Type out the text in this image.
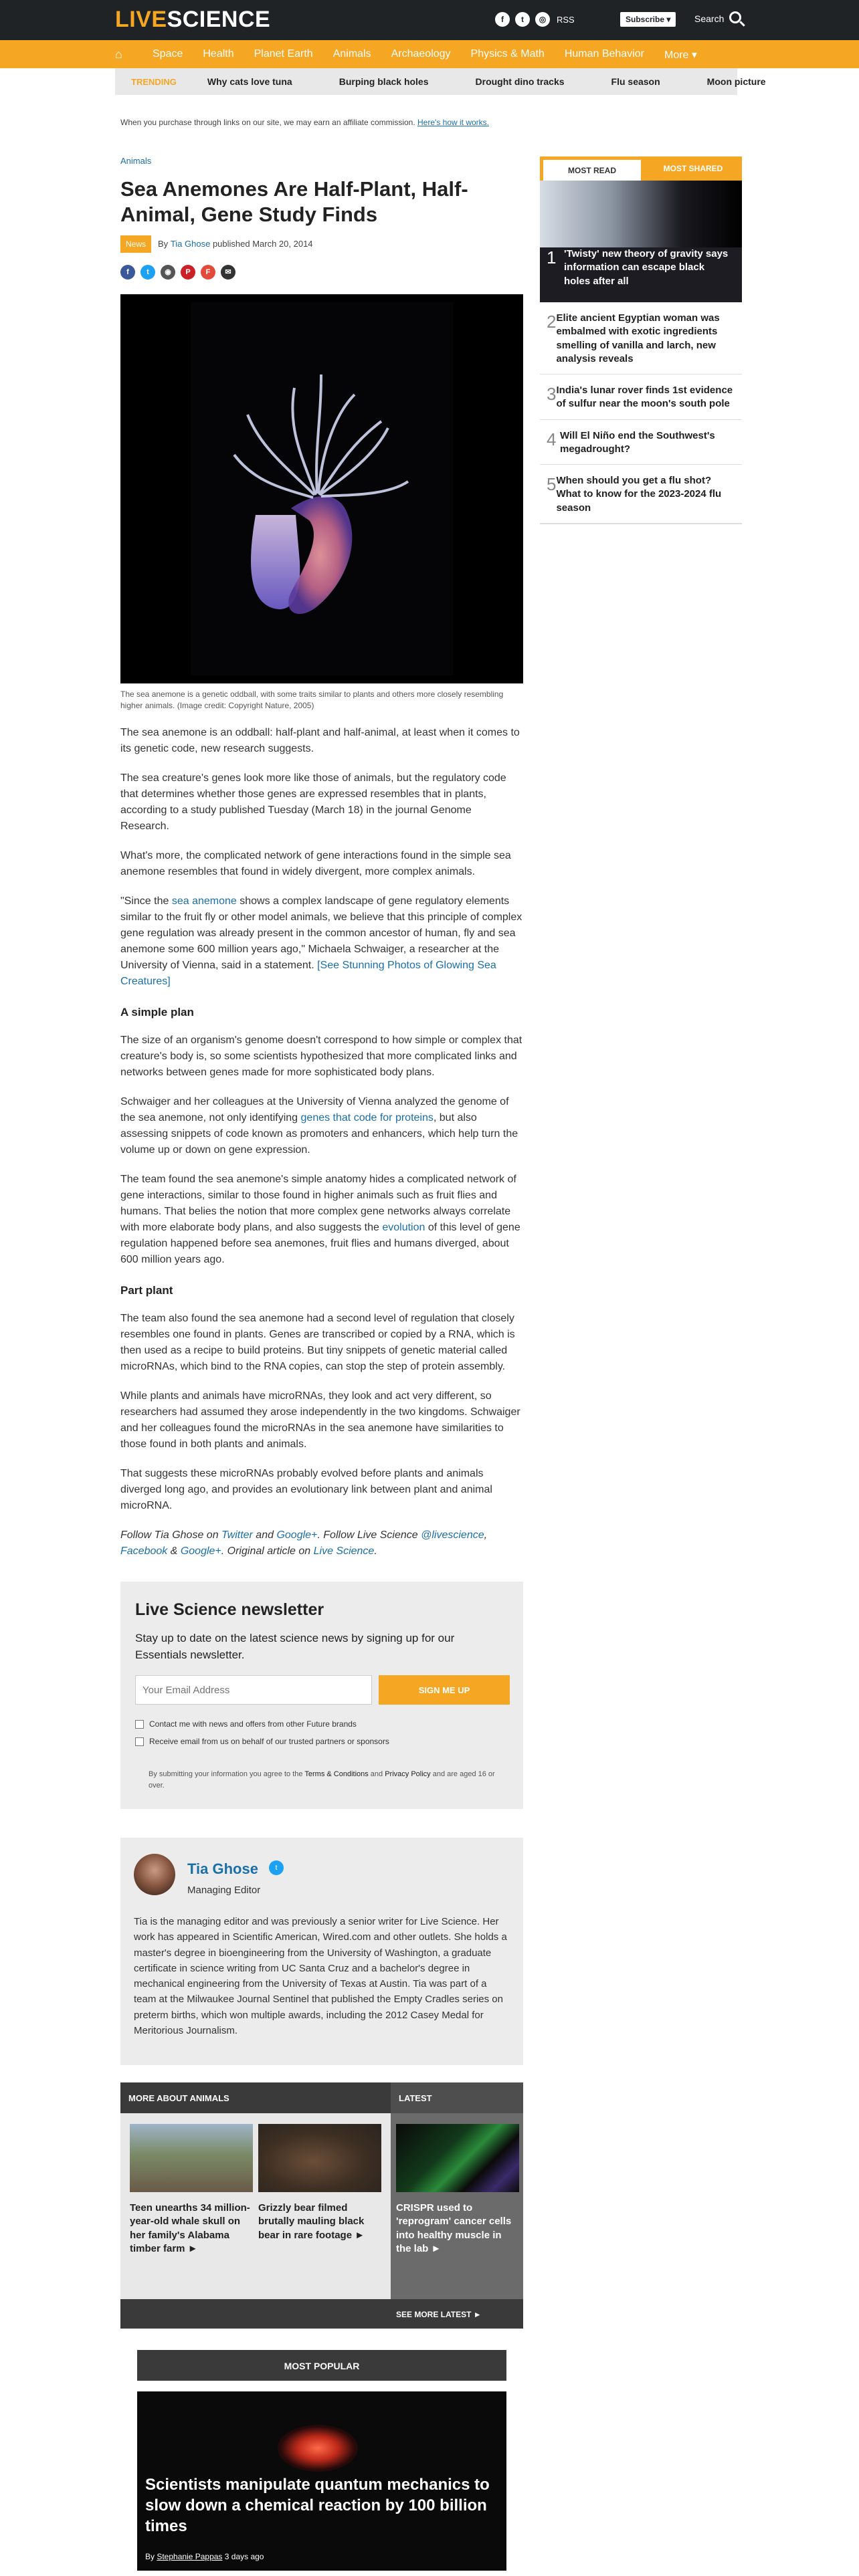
LIVESCIENCE	f	t	◎	RSS	Subscribe ▾	Search
⌂	Space Health Planet Earth Animals Archaeology Physics & Math Human Behavior More ▾
TRENDING	Why cats love tuna	Burping black holes	Drought dino tracks	Flu season	Moon picture
When you purchase through links on our site, we may earn an affiliate commission. Here's how it works.
Animals
Sea Anemones Are Half-Plant, Half-Animal, Gene Study Finds
News	By
Tia Ghose
published March 20, 2014
f	t	◉	P	F	✉

The sea anemone is a genetic oddball, with some traits similar to plants and others more closely resembling higher animals. (Image credit: Copyright Nature, 2005)

The sea anemone is an oddball: half-plant and half-animal, at least when it comes to its genetic code, new research suggests.

The sea creature's genes look more like those of animals, but the regulatory code that determines whether those genes are expressed resembles that in plants, according to a study published Tuesday (March 18) in the journal Genome Research.

What's more, the complicated network of gene interactions found in the simple sea anemone resembles that found in widely divergent, more complex animals.

"Since the sea anemone shows a complex landscape of gene regulatory elements similar to the fruit fly or other model animals, we believe that this principle of complex gene regulation was already present in the common ancestor of human, fly and sea anemone some 600 million years ago," Michaela Schwaiger, a researcher at the University of Vienna, said in a statement. [See Stunning Photos of Glowing Sea Creatures]

A simple plan

The size of an organism's genome doesn't correspond to how simple or complex that creature's body is, so some scientists hypothesized that more complicated links and networks between genes made for more sophisticated body plans.

Schwaiger and her colleagues at the University of Vienna analyzed the genome of the sea anemone, not only identifying genes that code for proteins, but also assessing snippets of code known as promoters and enhancers, which help turn the volume up or down on gene expression.

The team found the sea anemone's simple anatomy hides a complicated network of gene interactions, similar to those found in higher animals such as fruit flies and humans. That belies the notion that more complex gene networks always correlate with more elaborate body plans, and also suggests the evolution of this level of gene regulation happened before sea anemones, fruit flies and humans diverged, about 600 million years ago.

Part plant

The team also found the sea anemone had a second level of regulation that closely resembles one found in plants. Genes are transcribed or copied by a RNA, which is then used as a recipe to build proteins. But tiny snippets of genetic material called microRNAs, which bind to the RNA copies, can stop the step of protein assembly.

While plants and animals have microRNAs, they look and act very different, so researchers had assumed they arose independently in the two kingdoms. Schwaiger and her colleagues found the microRNAs in the sea anemone have similarities to those found in both plants and animals.

That suggests these microRNAs probably evolved before plants and animals diverged long ago, and provides an evolutionary link between plant and animal microRNA.

Follow Tia Ghose on Twitter and Google+. Follow Live Science @livescience, Facebook & Google+. Original article on Live Science.

Live Science newsletter
Stay up to date on the latest science news by signing up for our Essentials newsletter.
Your Email Address
SIGN ME UP
Contact me with news and offers from other Future brands
Receive email from us on behalf of our trusted partners or sponsors
By submitting your information you agree to the Terms & Conditions and Privacy Policy and are aged 16 or over.
Tia Ghose	t
Managing Editor
Tia is the managing editor and was previously a senior writer for Live Science. Her work has appeared in Scientific American, Wired.com and other outlets. She holds a master's degree in bioengineering from the University of Washington, a graduate certificate in science writing from UC Santa Cruz and a bachelor's degree in mechanical engineering from the University of Texas at Austin. Tia was part of a team at the Milwaukee Journal Sentinel that published the Empty Cradles series on preterm births, which won multiple awards, including the 2012 Casey Medal for Meritorious Journalism.
MORE ABOUT ANIMALS
Teen unearths 34 million-year-old whale skull on her family's Alabama timber farm ►
Grizzly bear filmed brutally mauling black bear in rare footage ►
LATEST
CRISPR used to 'reprogram' cancer cells into healthy muscle in the lab ►
SEE MORE LATEST ►
MOST POPULAR
Scientists manipulate quantum mechanics to slow down a chemical reaction by 100 billion times
By Stephanie Pappas 3 days ago
MOST READ	MOST SHARED
1 'Twisty' new theory of gravity says information can escape black holes after all
2 Elite ancient Egyptian woman was embalmed with exotic ingredients smelling of vanilla and larch, new analysis reveals
3 India's lunar rover finds 1st evidence of sulfur near the moon's south pole
4 Will El Niño end the Southwest's megadrought?
5 When should you get a flu shot? What to know for the 2023-2024 flu season
